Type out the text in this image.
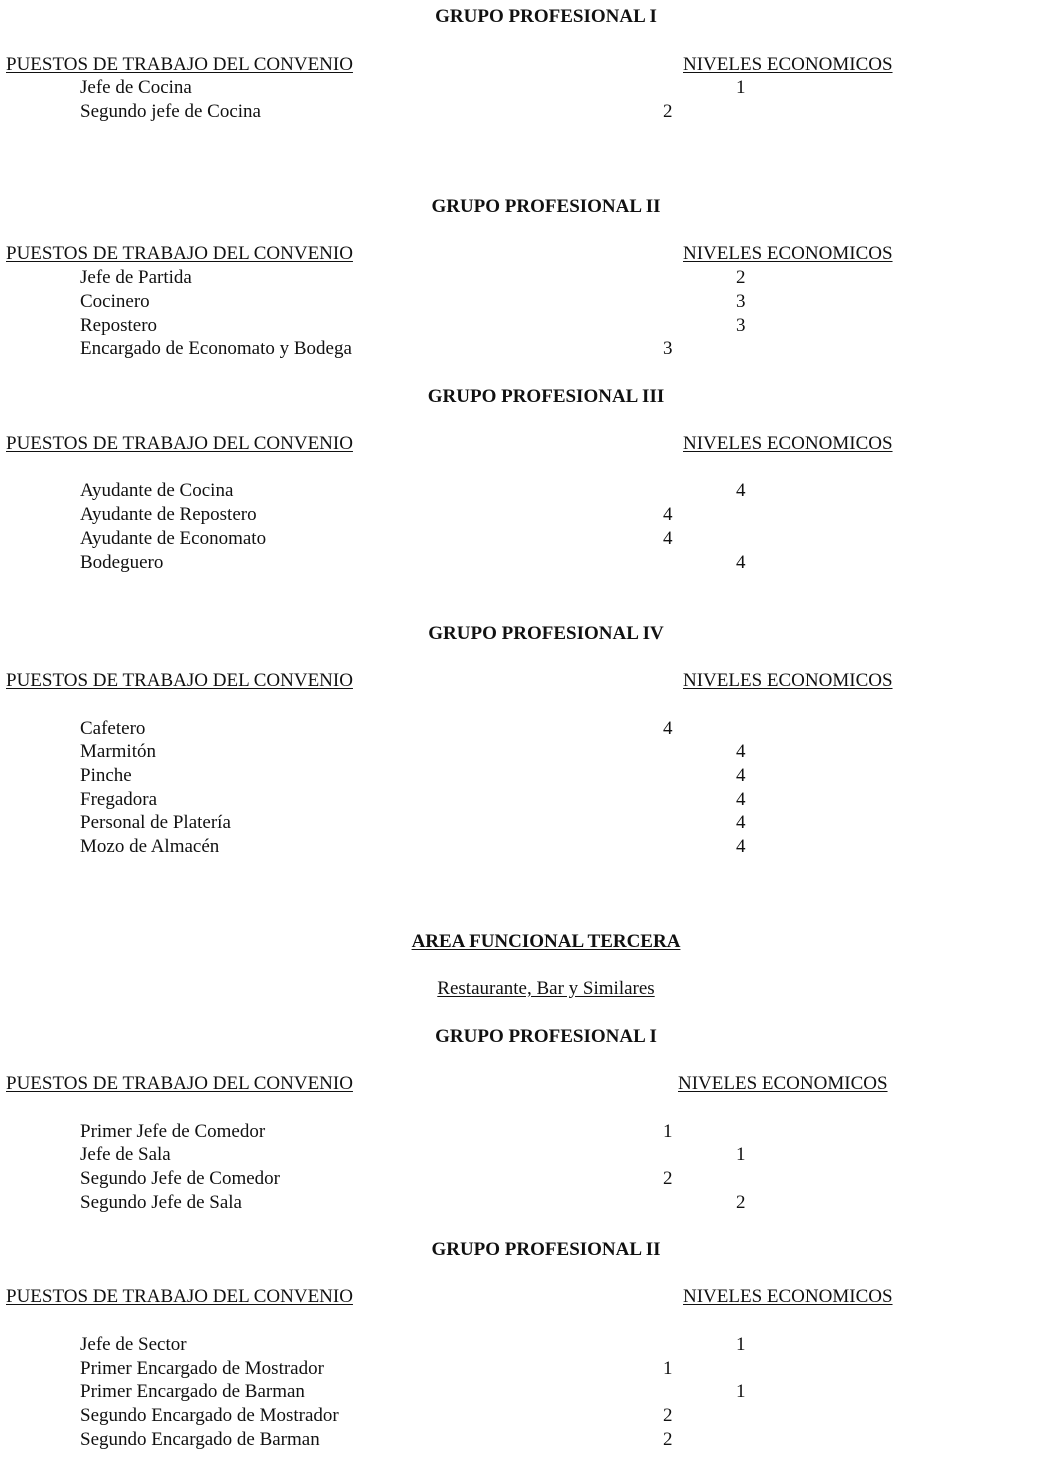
GRUPO PROFESIONAL I
PUESTOS DE TRABAJO DEL CONVENIO	NIVELES ECONOMICOS
Jefe de Cocina	1
Segundo jefe de Cocina	2
GRUPO PROFESIONAL II
PUESTOS DE TRABAJO DEL CONVENIO	NIVELES ECONOMICOS
Jefe de Partida	2
Cocinero	3
Repostero	3
Encargado de Economato y Bodega	3
GRUPO PROFESIONAL III
PUESTOS DE TRABAJO DEL CONVENIO	NIVELES ECONOMICOS
Ayudante de Cocina	4
Ayudante de Repostero	4
Ayudante de Economato	4
Bodeguero	4
GRUPO PROFESIONAL IV
PUESTOS DE TRABAJO DEL CONVENIO	NIVELES ECONOMICOS
Cafetero	4
Marmitón	4
Pinche	4
Fregadora	4
Personal de Platería	4
Mozo de Almacén	4
AREA FUNCIONAL TERCERA
Restaurante, Bar y Similares
GRUPO PROFESIONAL I
PUESTOS DE TRABAJO DEL CONVENIO	NIVELES ECONOMICOS
Primer Jefe de Comedor	1
Jefe de Sala	1
Segundo Jefe de Comedor	2
Segundo Jefe de Sala	2
GRUPO PROFESIONAL II
PUESTOS DE TRABAJO DEL CONVENIO	NIVELES ECONOMICOS
Jefe de Sector	1
Primer Encargado de Mostrador	1
Primer Encargado de Barman	1
Segundo Encargado de Mostrador	2
Segundo Encargado de Barman	2
